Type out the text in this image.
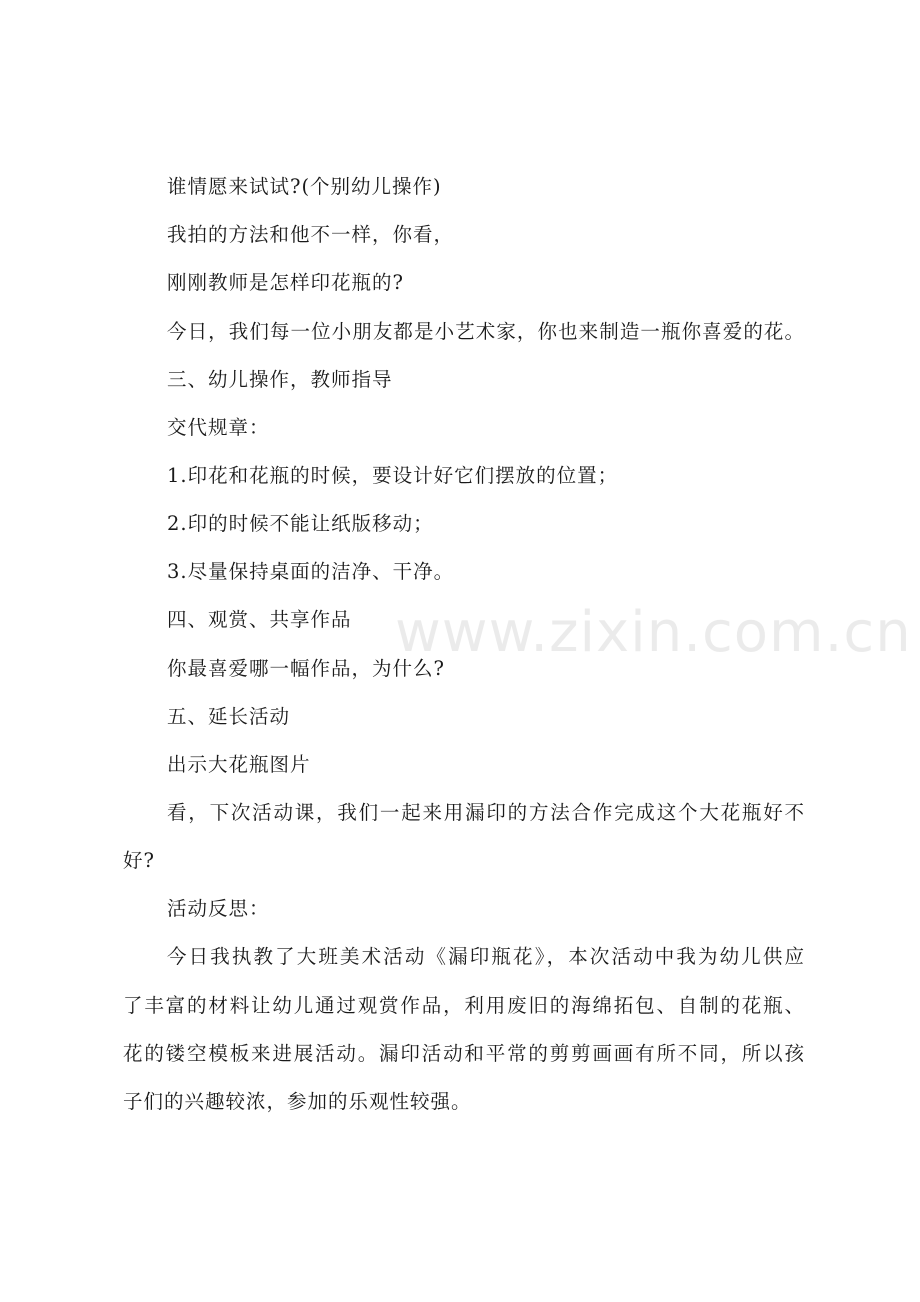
谁情愿来试试?(个别幼儿操作)
我拍的方法和他不一样，你看，
刚刚教师是怎样印花瓶的?
今日，我们每一位小朋友都是小艺术家，你也来制造一瓶你喜爱的花。
三、幼儿操作，教师指导
交代规章：
1.印花和花瓶的时候，要设计好它们摆放的位置；
2.印的时候不能让纸版移动；
3.尽量保持桌面的洁净、干净。
四、观赏、共享作品
你最喜爱哪一幅作品，为什么?
五、延长活动
出示大花瓶图片
看，下次活动课，我们一起来用漏印的方法合作完成这个大花瓶好不
好?
活动反思：
今日我执教了大班美术活动《漏印瓶花》，本次活动中我为幼儿供应
了丰富的材料让幼儿通过观赏作品，利用废旧的海绵拓包、自制的花瓶、
花的镂空模板来进展活动。漏印活动和平常的剪剪画画有所不同，所以孩
子们的兴趣较浓，参加的乐观性较强。
www.zixin.com.cn
